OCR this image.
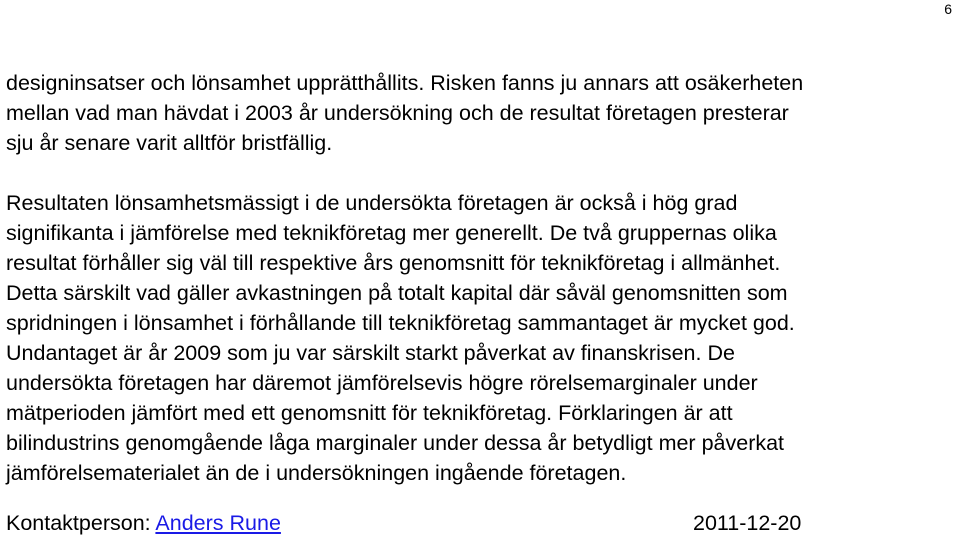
6
designinsatser och lönsamhet upprätthållits. Risken fanns ju annars att osäkerheten
mellan vad man hävdat i 2003 år undersökning och de resultat företagen presterar
sju år senare varit alltför bristfällig.
Resultaten lönsamhetsmässigt i de undersökta företagen är också i hög grad
signifikanta i jämförelse med teknikföretag mer generellt. De två gruppernas olika
resultat förhåller sig väl till respektive års genomsnitt för teknikföretag i allmänhet.
Detta särskilt vad gäller avkastningen på totalt kapital där såväl genomsnitten som
spridningen i lönsamhet i förhållande till teknikföretag sammantaget är mycket god.
Undantaget är år 2009 som ju var särskilt starkt påverkat av finanskrisen. De
undersökta företagen har däremot jämförelsevis högre rörelsemarginaler under
mätperioden jämfört med ett genomsnitt för teknikföretag. Förklaringen är att
bilindustrins genomgående låga marginaler under dessa år betydligt mer påverkat
jämförelsematerialet än de i undersökningen ingående företagen.
Kontaktperson: Anders Rune	2011-12-20
